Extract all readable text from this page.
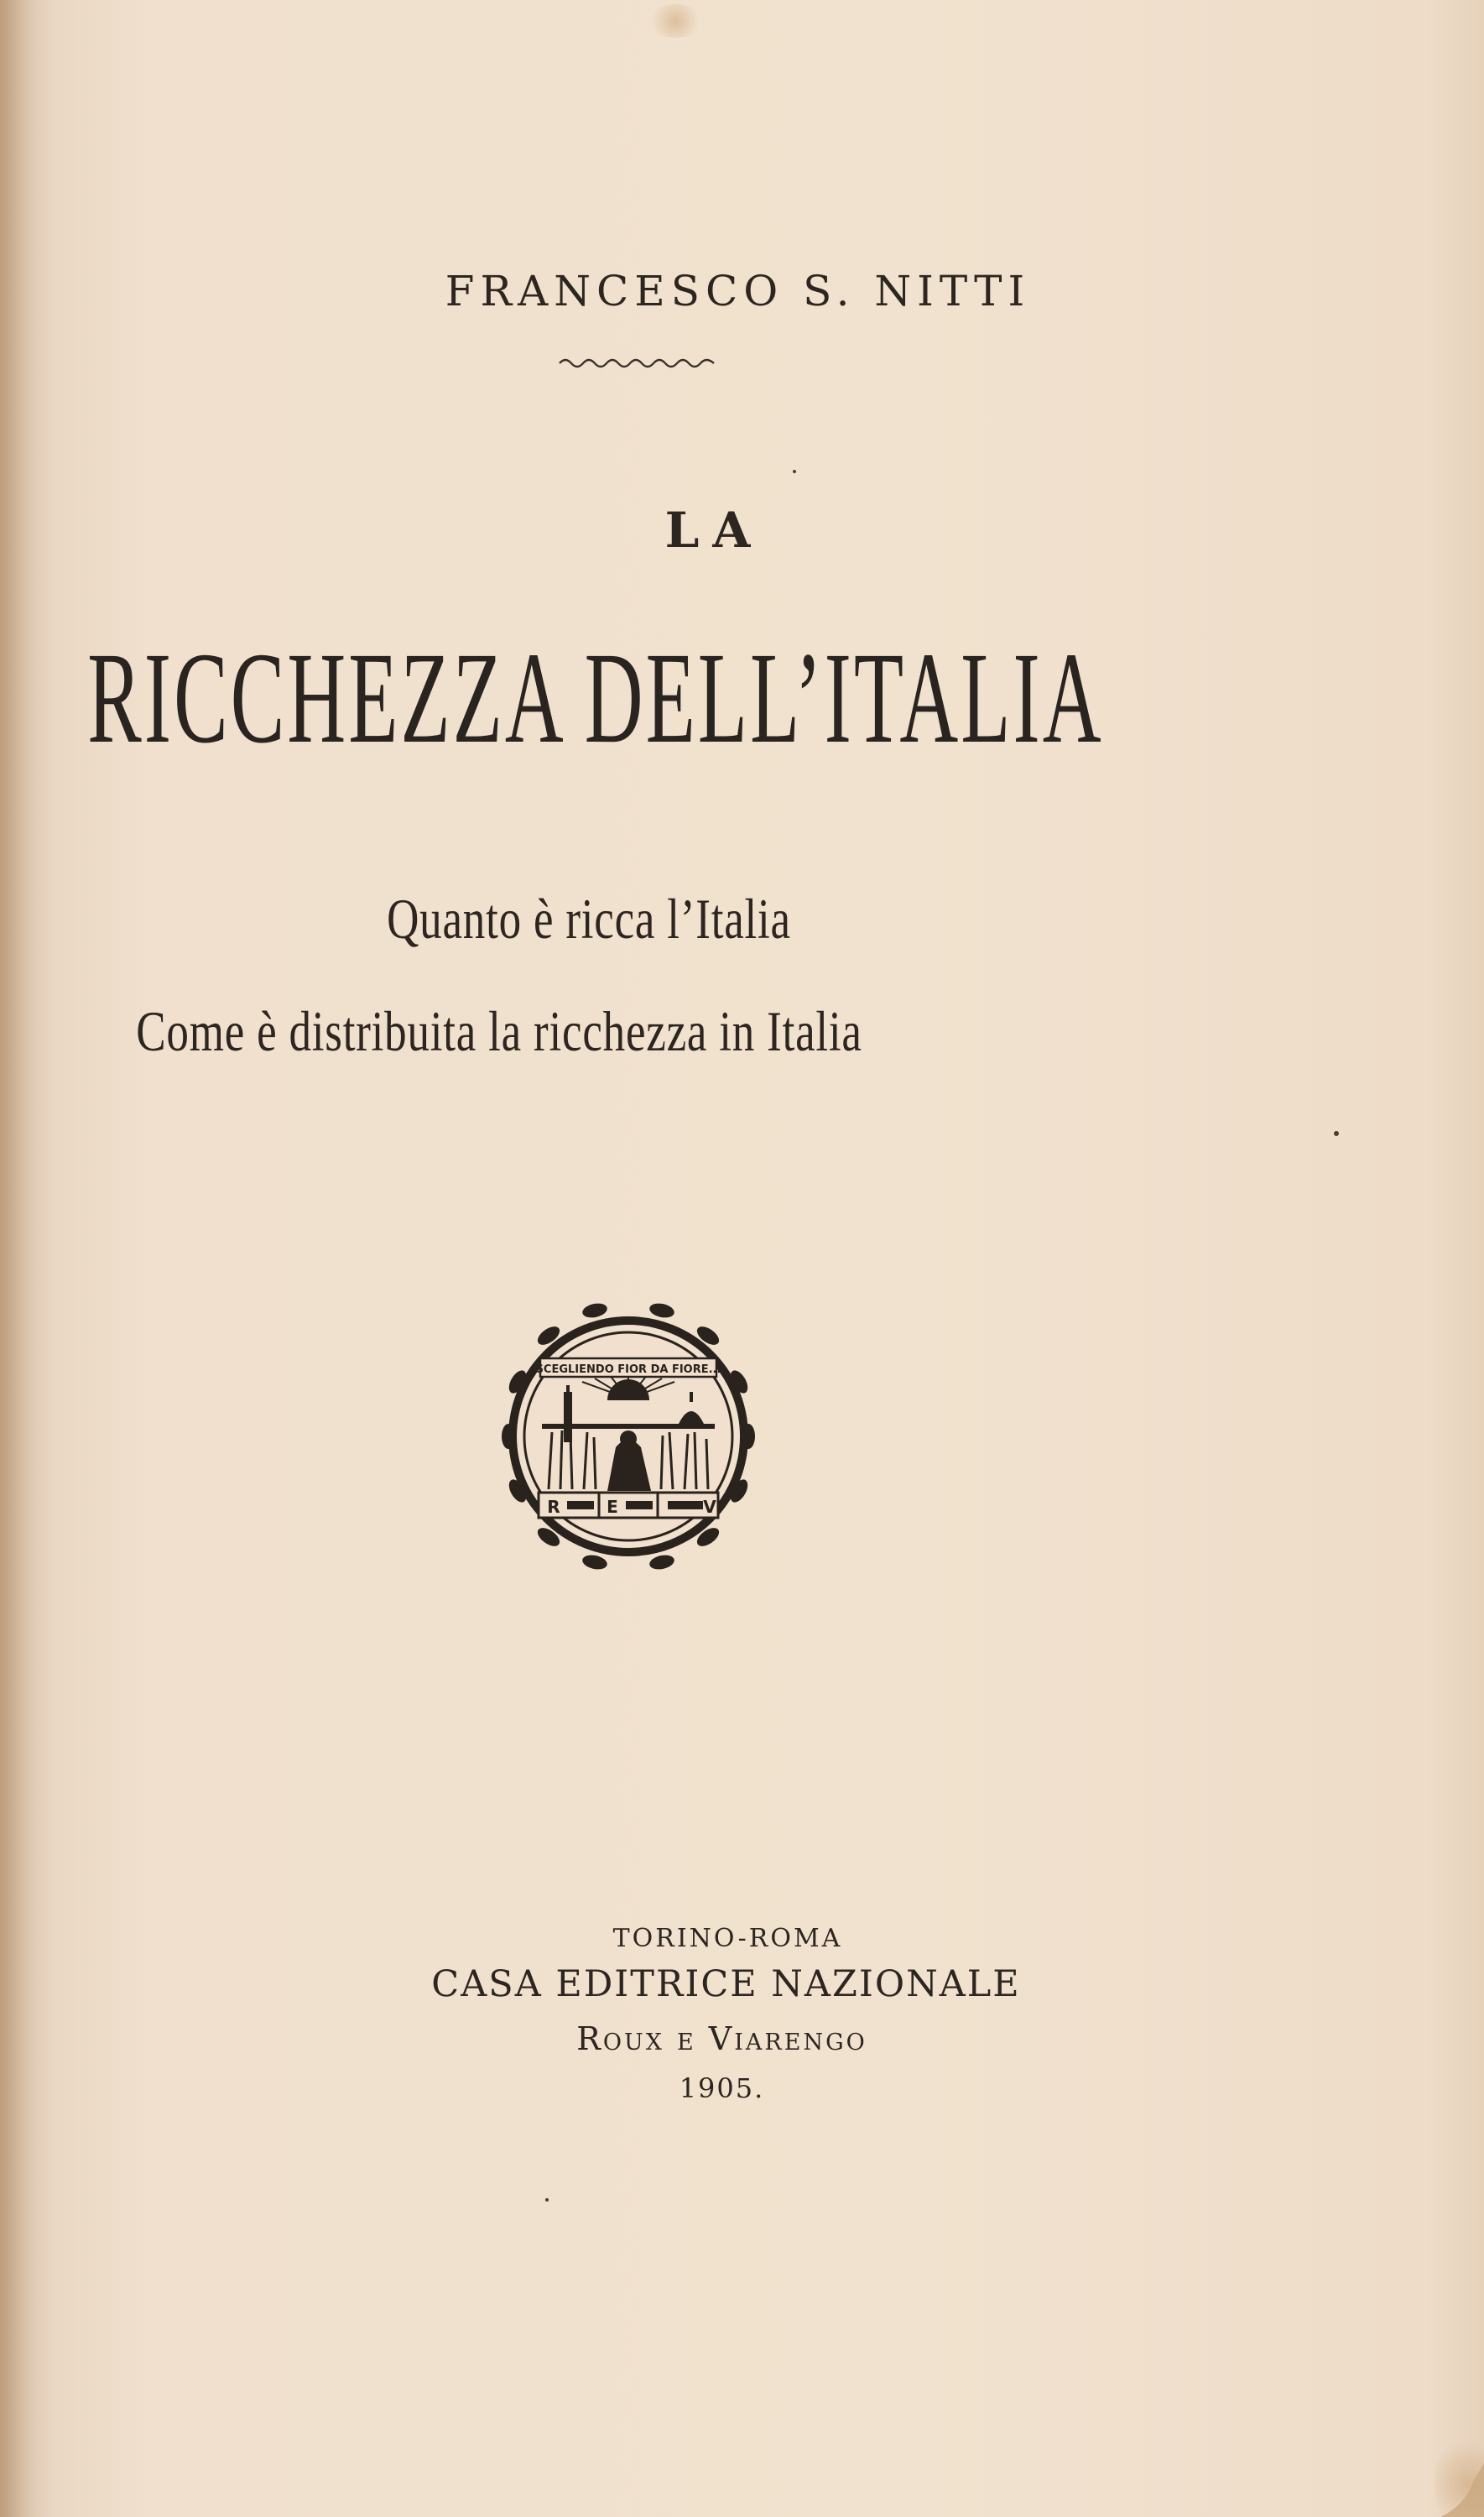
FRANCESCO S. NITTI
LA
RICCHEZZA DELL’ITALIA
Quanto è ricca l’Italia
Come è distribuita la ricchezza in Italia
SCEGLIENDO FIOR DA FIORE...
R	E	V
TORINO-ROMA
CASA EDITRICE NAZIONALE
Roux e Viarengo
1905.
